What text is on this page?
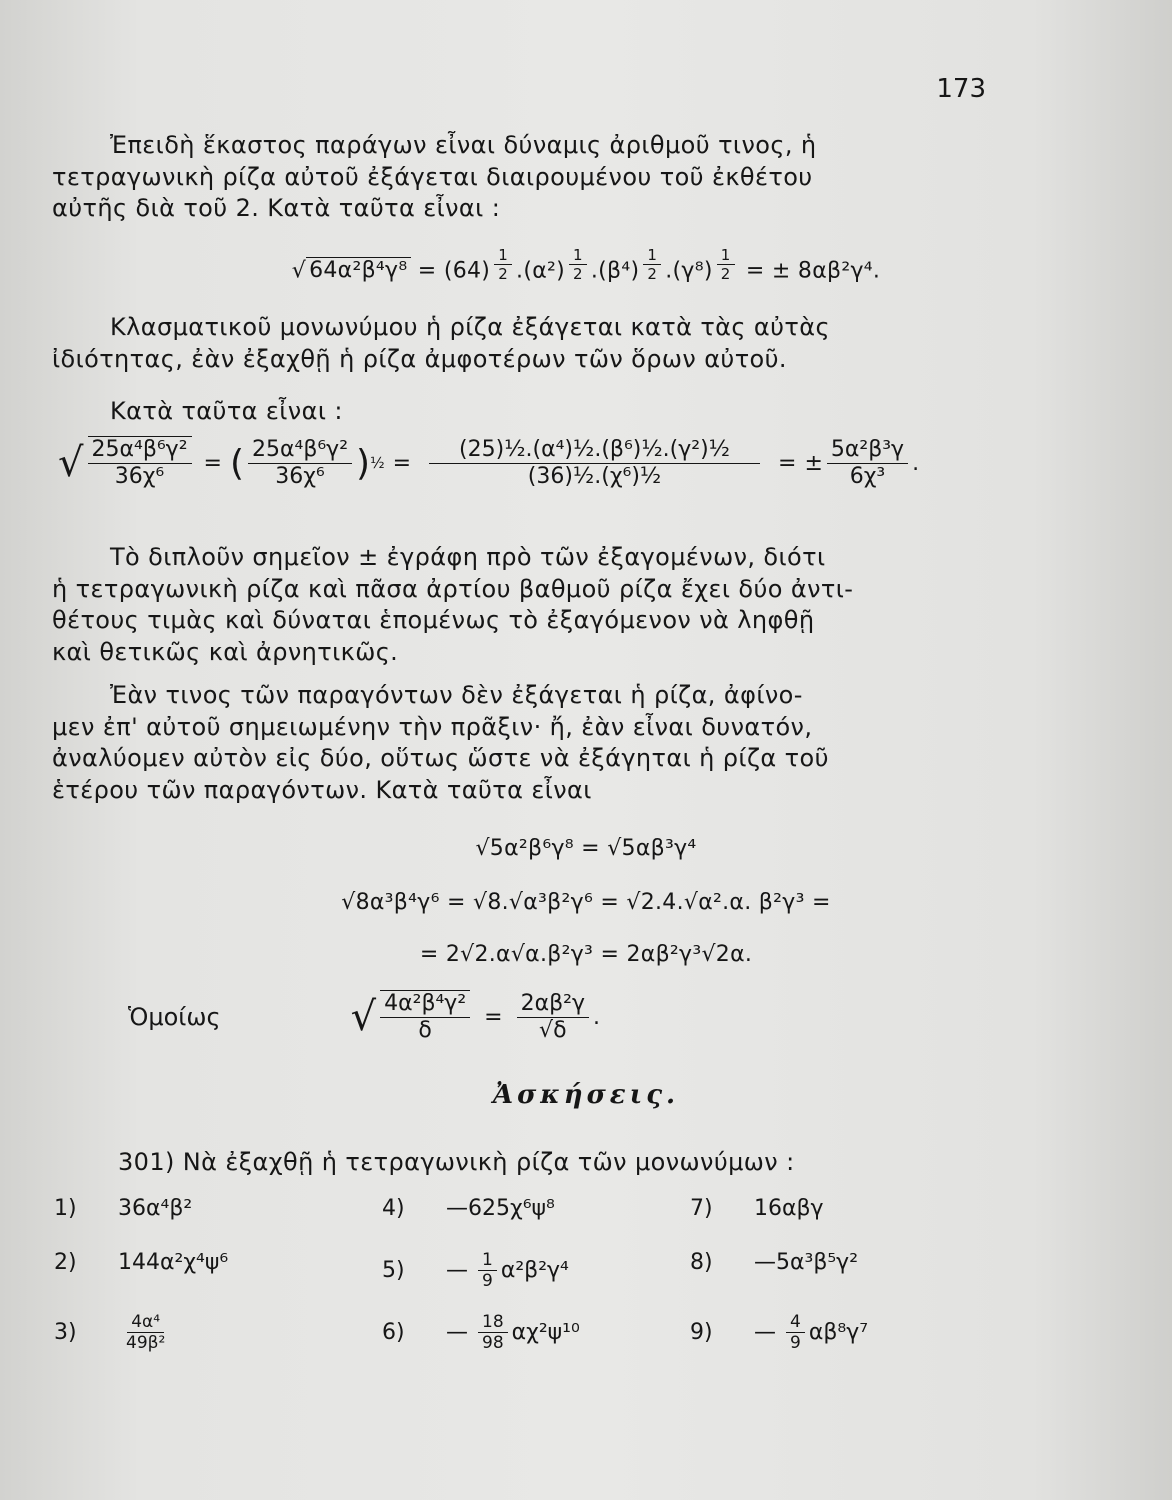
173
Ἐπειδὴ ἕκαστος παράγων εἶναι δύναμις ἀριθμοῦ τινος, ἡ
τετραγωνικὴ ρίζα αὐτοῦ ἐξάγεται διαιρουμένου τοῦ ἐκθέτου
αὐτῆς διὰ τοῦ 2. Κατὰ ταῦτα εἶναι :
√ 64α²β⁴γ⁸ = (64) $^{\frac{1}{2}}$ .(α²) $^{\frac{1}{2}}$ .(β⁴) $^{\frac{1}{2}}$ .(γ⁸) $^{\frac{1}{2}}$ = ± 8αβ²γ⁴.
Κλασματικοῦ μονωνύμου ἡ ρίζα ἐξάγεται κατὰ τὰς αὐτὰς
ἰδιότητας, ἐὰν ἐξαχθῇ ἡ ρίζα ἀμφοτέρων τῶν ὅρων αὐτοῦ.
Κατὰ ταῦτα εἶναι :
√ $\frac{\text{25α⁴β⁶γ²}}{\text{36χ⁶}}$ = ( $\frac{\text{25α⁴β⁶γ²}}{\text{36χ⁶}}$ ) ½ = $\frac{\text{(25)½.(α⁴)½.(β⁶)½.(γ²)½}}{\text{(36)½.(χ⁶)½}}$ = ± $\frac{\text{5α²β³γ}}{\text{6χ³}}$ .
Τὸ διπλοῦν σημεῖον ± ἐγράφη πρὸ τῶν ἐξαγομένων, διότι
ἡ τετραγωνικὴ ρίζα καὶ πᾶσα ἀρτίου βαθμοῦ ρίζα ἔχει δύο ἀντι-
θέτους τιμὰς καὶ δύναται ἑπομένως τὸ ἐξαγόμενον νὰ ληφθῇ
καὶ θετικῶς καὶ ἀρνητικῶς.
Ἐὰν τινος τῶν παραγόντων δὲν ἐξάγεται ἡ ρίζα, ἀφίνο-
μεν ἐπ' αὐτοῦ σημειωμένην τὴν πρᾶξιν· ἤ, ἐὰν εἶναι δυνατόν,
ἀναλύομεν αὐτὸν εἰς δύο, οὕτως ὥστε νὰ ἐξάγηται ἡ ρίζα τοῦ
ἑτέρου τῶν παραγόντων. Κατὰ ταῦτα εἶναι
√5α²β⁶γ⁸ = √5αβ³γ⁴
√8α³β⁴γ⁶ = √8.√α³β²γ⁶ = √2.4.√α².α. β²γ³ =
= 2√2.α√α.β²γ³ = 2αβ²γ³√2α.
Ὁμοίως	√ $\frac{\text{4α²β⁴γ²}}{\delta} = \frac{\text{2αβ²γ}}{√\delta}$ .
Ἀσκήσεις.
301) Νὰ ἐξαχθῇ ἡ τετραγωνικὴ ρίζα τῶν μονωνύμων :
1)	36α⁴β²	4)	—625χ⁶ψ⁸	7)	16αβγ
2)	144α²χ⁴ψ⁶	5)	— $\frac{1}{9} \alpha^2\beta^2\gamma^4$	8)	—5α³β⁵γ²
3)	$\frac{\text{4α⁴}}{\text{49β²}}$	6)	— $\frac{18}{98} \alpha\chi^2\psi^{10}$	9)	— $\frac{4}{9} \alpha\beta^8\gamma^7$
